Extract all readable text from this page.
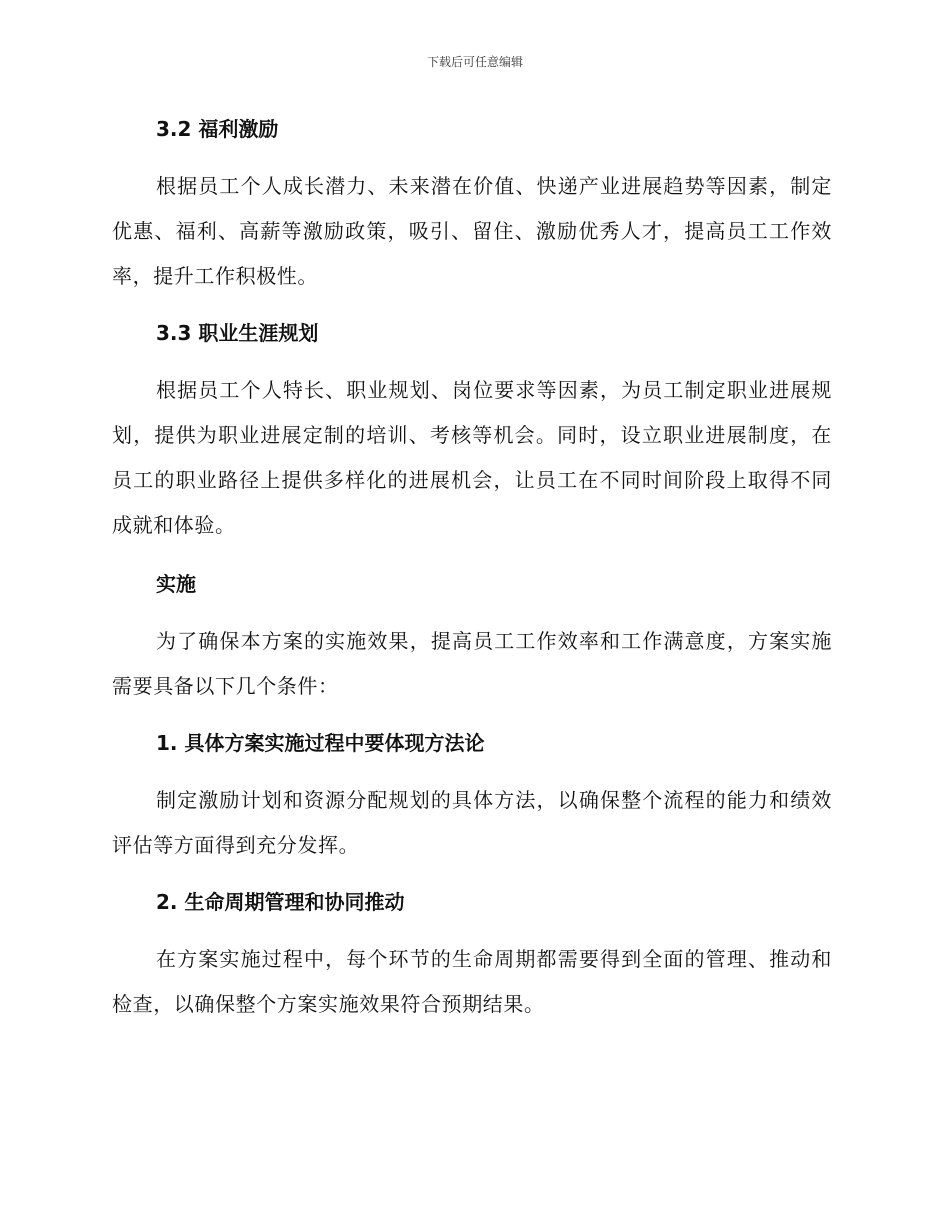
下载后可任意编辑
3.2 福利激励
根据员工个人成长潜力、未来潜在价值、快递产业进展趋势等因素，制定优惠、福利、高薪等激励政策，吸引、留住、激励优秀人才，提高员工工作效率，提升工作积极性。
3.3 职业生涯规划
根据员工个人特长、职业规划、岗位要求等因素，为员工制定职业进展规划，提供为职业进展定制的培训、考核等机会。同时，设立职业进展制度，在员工的职业路径上提供多样化的进展机会，让员工在不同时间阶段上取得不同成就和体验。
实施
为了确保本方案的实施效果，提高员工工作效率和工作满意度，方案实施需要具备以下几个条件：
1. 具体方案实施过程中要体现方法论
制定激励计划和资源分配规划的具体方法，以确保整个流程的能力和绩效评估等方面得到充分发挥。
2. 生命周期管理和协同推动
在方案实施过程中，每个环节的生命周期都需要得到全面的管理、推动和检查，以确保整个方案实施效果符合预期结果。
